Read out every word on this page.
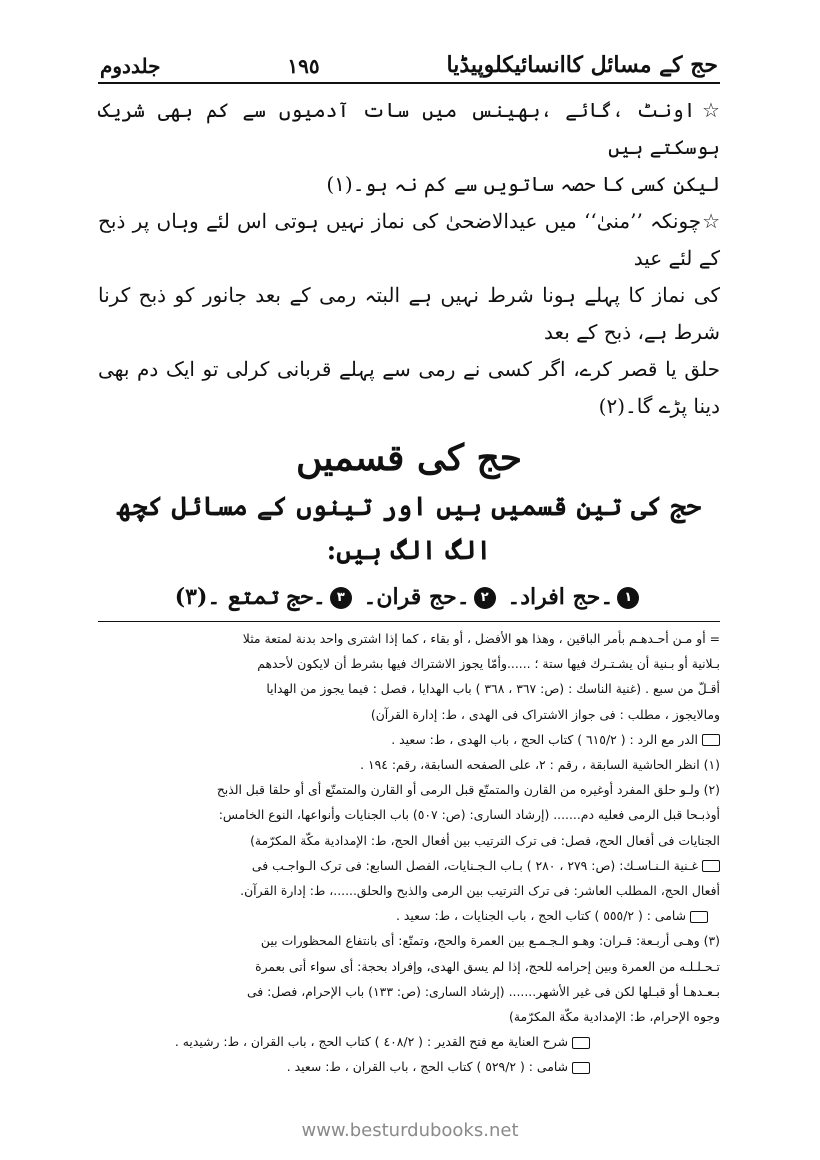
حج کے مسائل کاانسائیکلوپیڈیا
١٩٥
جلددوم

☆اونٹ ،گائے ،بھینس میں سات آدمیوں سے کم بھی شریک ہوسکتے ہیں

لیکن کسی کا حصہ ساتویں سے کم نہ ہو۔(١)

☆چونکہ ’’منیٰ‘‘ میں عیدالاضحیٰ کی نماز نہیں ہوتی اس لئے وہاں پر ذبح کے لئے عید

کی نماز کا پہلے ہونا شرط نہیں ہے البتہ رمی کے بعد جانور کو ذبح کرنا شرط ہے، ذبح کے بعد

حلق یا قصر کرے، اگر کسی نے رمی سے پہلے قربانی کرلی تو ایک دم بھی دینا پڑے گا۔(٢)

حج کی قسمیں
حج کی تین قسمیں ہیں اور تینوں کے مسائل کچھ الگ الگ ہیں:
١۔حج افراد۔ ٢۔حج قران۔ ٣۔حج تمتع ۔(٣)

= أو مـن أحـدهـم بأمر الباقين ، وهذا هو الأفضل ، أو بقاء ، كما إذا اشترى واحد بدنة لمتعة مثلا

بـلانية أو بـنية أن يشـتـرك فيها ستة ؛ ......وأمّا يجوز الاشتراك فيها بشرط أن لايكون لأحدهم

أقـلّ من سبع . (غنية الناسك : (ص: ٣٦٧ ، ٣٦٨ ) باب الهدايا ، فصل : فيما يجوز من الهدايا

ومالايجوز ، مطلب : فى جواز الاشتراک فى الهدى ، ط: إدارة القرآن)

الدر مع الرد : ( ٦١٥/٢ ) كتاب الحج ، باب الهدى ، ط: سعيد .

(١) انظر الحاشية السابقة ، رقم : ٢، على الصفحه السابقة، رقم: ١٩٤ .

(٢) ولـو حلق المفرد أوغيره من القارن والمتمتّع قبل الرمى أو القارن والمتمتّع أى أو حلقا قبل الذبح

أوذبـحا قبل الرمى فعليه دم....... (إرشاد السارى: (ص: ٥٠٧) باب الجنايات وأنواعها، النوع الخامس:

الجنايات فى أفعال الحج، فصل: فى ترک الترتيب بين أفعال الحج، ط: الإمدادية مكّة المكرّمة)

غـنية الـنـاسـك: (ص: ٢٧٩ ، ٢٨٠ ) بـاب الـجـنايات، الفصل السابع: فى ترک الـواجـب فى

أفعال الحج، المطلب العاشر: فى ترک الترتيب بين الرمى والذبح والحلق......، ط: إدارة القرآن.

شامى : ( ٥٥٥/٢ ) كتاب الحج ، باب الجنايات ، ط: سعيد .

(٣) وهـى أربـعة: قـران: وهـو الـجـمـع بين العمرة والحج، وتمتّع: أى بانتفاع المحظورات بين

تـحـلـلـه من العمرة وبين إحرامه للحج، إذا لم يسق الهدى، وإفراد بحجة: أى سواء أتى بعمرة

بـعـدهـا أو قبـلها لكن فى غير الأشهر....... (إرشاد السارى: (ص: ١٣٣) باب الإحرام، فصل: فى

وجوه الإحرام، ط: الإمدادية مكّة المكرّمة)

شرح العناية مع فتح القدير : ( ٤٠٨/٢ ) كتاب الحج ، باب القران ، ط: رشيديه .

شامى : ( ٥٢٩/٢ ) كتاب الحج ، باب القران ، ط: سعيد .

www.besturdubooks.net
